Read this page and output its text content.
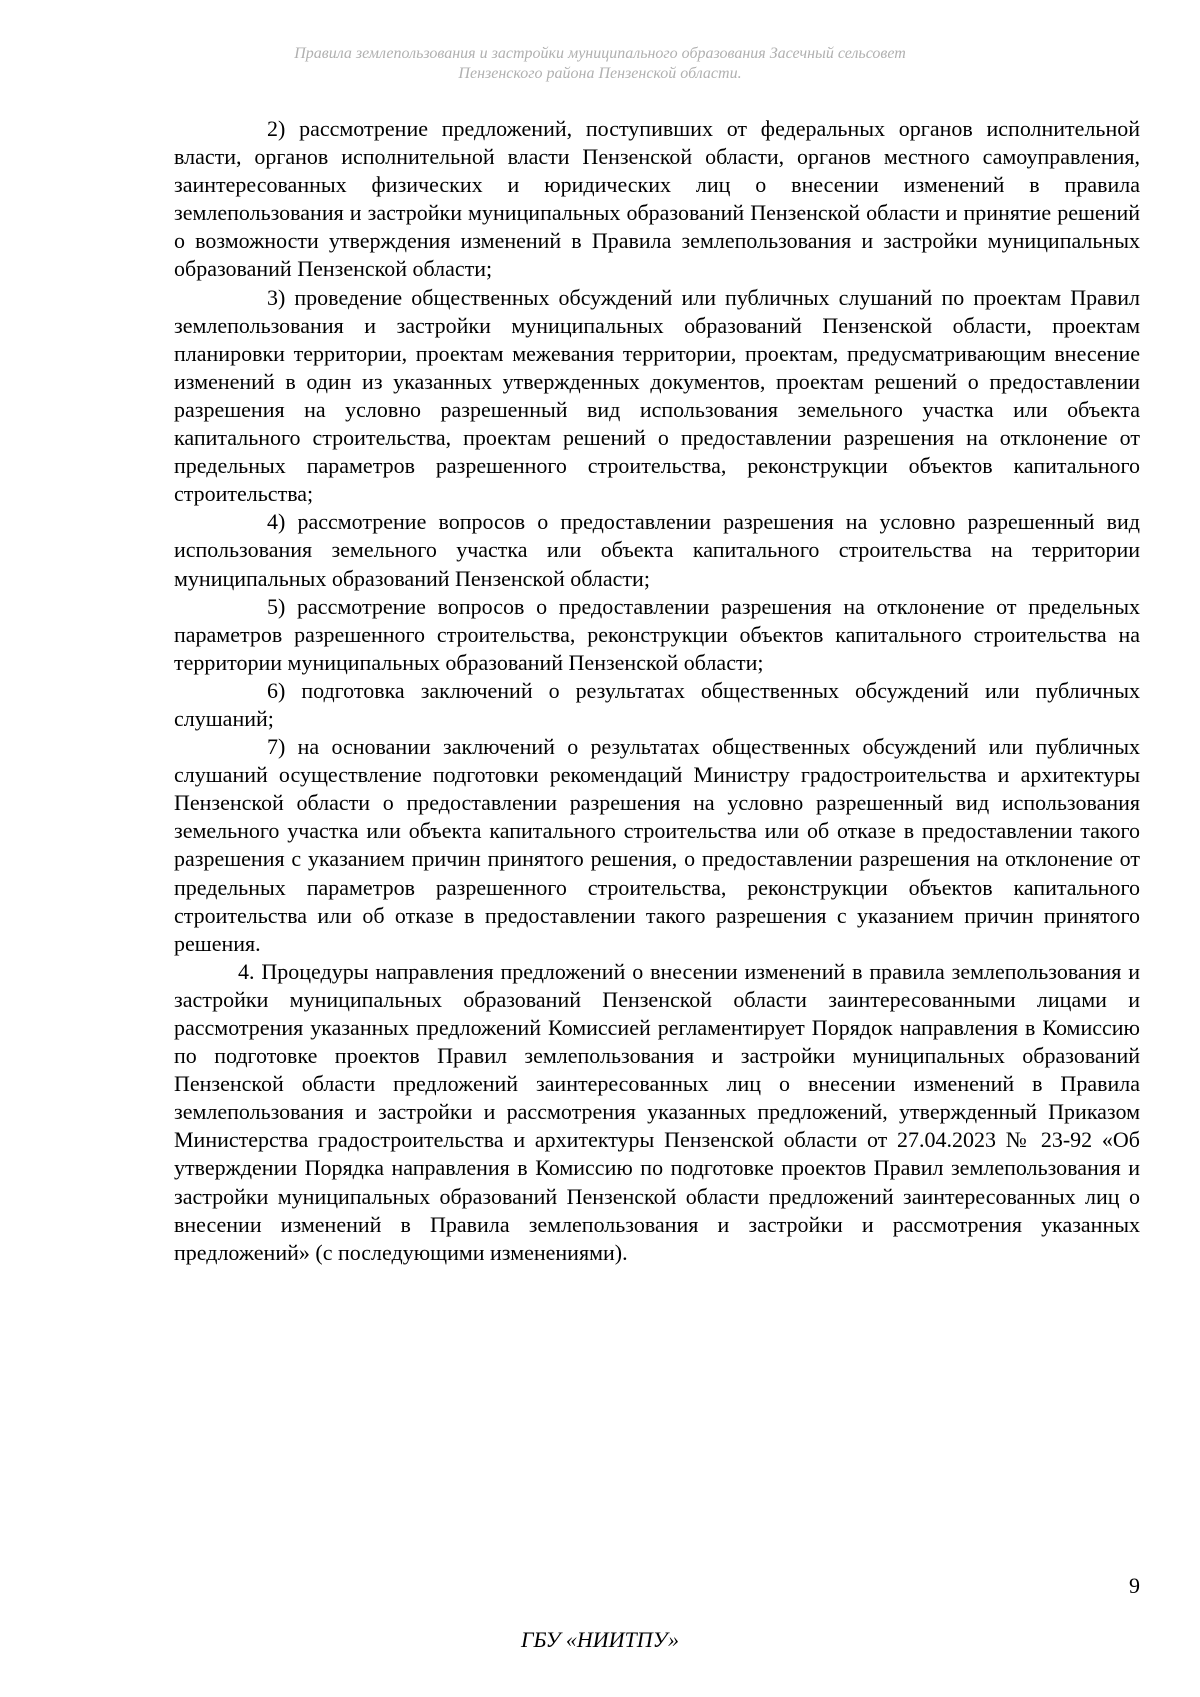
Правила землепользования и застройки муниципального образования Засечный сельсовет
Пензенского района Пензенской области.

2) рассмотрение предложений, поступивших от федеральных органов исполнительной власти, органов исполнительной власти Пензенской области, органов местного самоуправления, заинтересованных физических и юридических лиц о внесении изменений в правила землепользования и застройки муниципальных образований Пензенской области и принятие решений о возможности утверждения изменений в Правила землепользования и застройки муниципальных образований Пензенской области;

3) проведение общественных обсуждений или публичных слушаний по проектам Правил землепользования и застройки муниципальных образований Пензенской области, проектам планировки территории, проектам межевания территории, проектам, предусматривающим внесение изменений в один из указанных утвержденных документов, проектам решений о предоставлении разрешения на условно разрешенный вид использования земельного участка или объекта капитального строительства, проектам решений о предоставлении разрешения на отклонение от предельных параметров разрешенного строительства, реконструкции объектов капитального строительства;

4) рассмотрение вопросов о предоставлении разрешения на условно разрешенный вид использования земельного участка или объекта капитального строительства на территории муниципальных образований Пензенской области;

5) рассмотрение вопросов о предоставлении разрешения на отклонение от предельных параметров разрешенного строительства, реконструкции объектов капитального строительства на территории муниципальных образований Пензенской области;

6) подготовка заключений о результатах общественных обсуждений или публичных слушаний;

7) на основании заключений о результатах общественных обсуждений или публичных слушаний осуществление подготовки рекомендаций Министру градостроительства и архитектуры Пензенской области о предоставлении разрешения на условно разрешенный вид использования земельного участка или объекта капитального строительства или об отказе в предоставлении такого разрешения с указанием причин принятого решения, о предоставлении разрешения на отклонение от предельных параметров разрешенного строительства, реконструкции объектов капитального строительства или об отказе в предоставлении такого разрешения с указанием причин принятого решения.

4. Процедуры направления предложений о внесении изменений в правила землепользования и застройки муниципальных образований Пензенской области заинтересованными лицами и рассмотрения указанных предложений Комиссией регламентирует Порядок направления в Комиссию по подготовке проектов Правил землепользования и застройки муниципальных образований Пензенской области предложений заинтересованных лиц о внесении изменений в Правила землепользования и застройки и рассмотрения указанных предложений, утвержденный Приказом Министерства градостроительства и архитектуры Пензенской области от 27.04.2023 № 23-92 «Об утверждении Порядка направления в Комиссию по подготовке проектов Правил землепользования и застройки муниципальных образований Пензенской области предложений заинтересованных лиц о внесении изменений в Правила землепользования и застройки и рассмотрения указанных предложений» (с последующими изменениями).

9
ГБУ «НИИТПУ»
